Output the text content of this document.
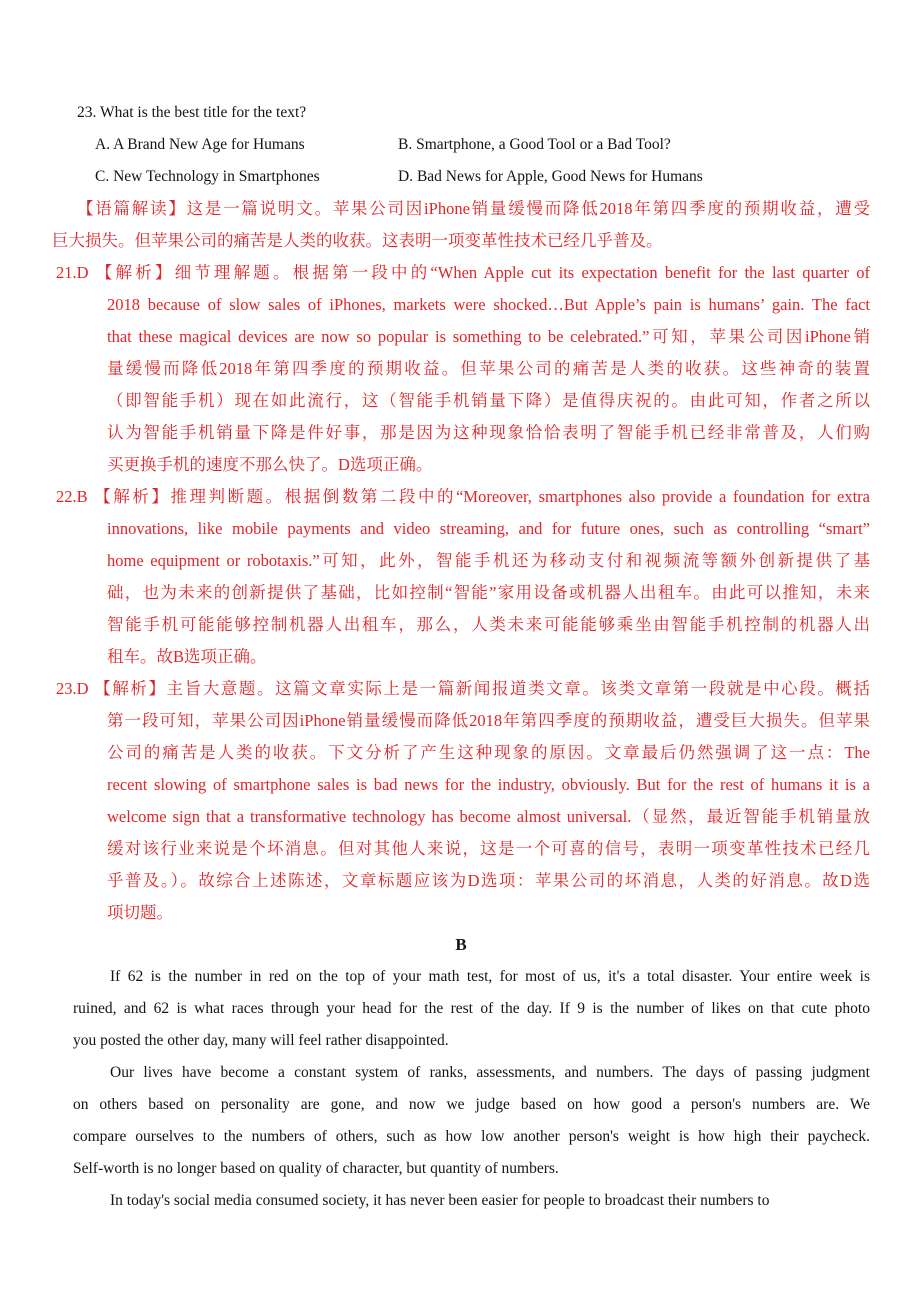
23. What is the best title for the text?
A. A Brand New Age for Humans	B. Smartphone, a Good Tool or a Bad Tool?
C. New Technology in Smartphones	D. Bad News for Apple, Good News for Humans
【语篇解读】这是一篇说明文。苹果公司因iPhone销量缓慢而降低2018年第四季度的预期收益，遭受
巨大损失。但苹果公司的痛苦是人类的收获。这表明一项变革性技术已经几乎普及。
21.D 【解析】细节理解题。根据第一段中的“When Apple cut its expectation benefit for the last quarter of
2018 because of slow sales of iPhones, markets were shocked…But Apple’s pain is humans’ gain. The fact
that these magical devices are now so popular is something to be celebrated.”可知，苹果公司因iPhone销
量缓慢而降低2018年第四季度的预期收益。但苹果公司的痛苦是人类的收获。这些神奇的装置
（即智能手机）现在如此流行，这（智能手机销量下降）是值得庆祝的。由此可知，作者之所以
认为智能手机销量下降是件好事，那是因为这种现象恰恰表明了智能手机已经非常普及，人们购
买更换手机的速度不那么快了。D选项正确。
22.B 【解析】推理判断题。根据倒数第二段中的“Moreover, smartphones also provide a foundation for extra
innovations, like mobile payments and video streaming, and for future ones, such as controlling “smart”
home equipment or robotaxis.”可知，此外，智能手机还为移动支付和视频流等额外创新提供了基
础，也为未来的创新提供了基础，比如控制“智能”家用设备或机器人出租车。由此可以推知，未来
智能手机可能能够控制机器人出租车，那么，人类未来可能能够乘坐由智能手机控制的机器人出
租车。故B选项正确。
23.D 【解析】主旨大意题。这篇文章实际上是一篇新闻报道类文章。该类文章第一段就是中心段。概括
第一段可知，苹果公司因iPhone销量缓慢而降低2018年第四季度的预期收益，遭受巨大损失。但苹果
公司的痛苦是人类的收获。下文分析了产生这种现象的原因。文章最后仍然强调了这一点：The
recent slowing of smartphone sales is bad news for the industry, obviously. But for the rest of humans it is a
welcome sign that a transformative technology has become almost universal.（显然，最近智能手机销量放
缓对该行业来说是个坏消息。但对其他人来说，这是一个可喜的信号，表明一项变革性技术已经几
乎普及。）。故综合上述陈述，文章标题应该为D选项：苹果公司的坏消息，人类的好消息。故D选
项切题。
B
If 62 is the number in red on the top of your math test, for most of us, it's a total disaster. Your entire week is
ruined, and 62 is what races through your head for the rest of the day. If 9 is the number of likes on that cute photo
you posted the other day, many will feel rather disappointed.
Our lives have become a constant system of ranks, assessments, and numbers. The days of passing judgment
on others based on personality are gone, and now we judge based on how good a person's numbers are. We
compare ourselves to the numbers of others, such as how low another person's weight is how high their paycheck.
Self-worth is no longer based on quality of character, but quantity of numbers.
In today's social media consumed society, it has never been easier for people to broadcast their numbers to
